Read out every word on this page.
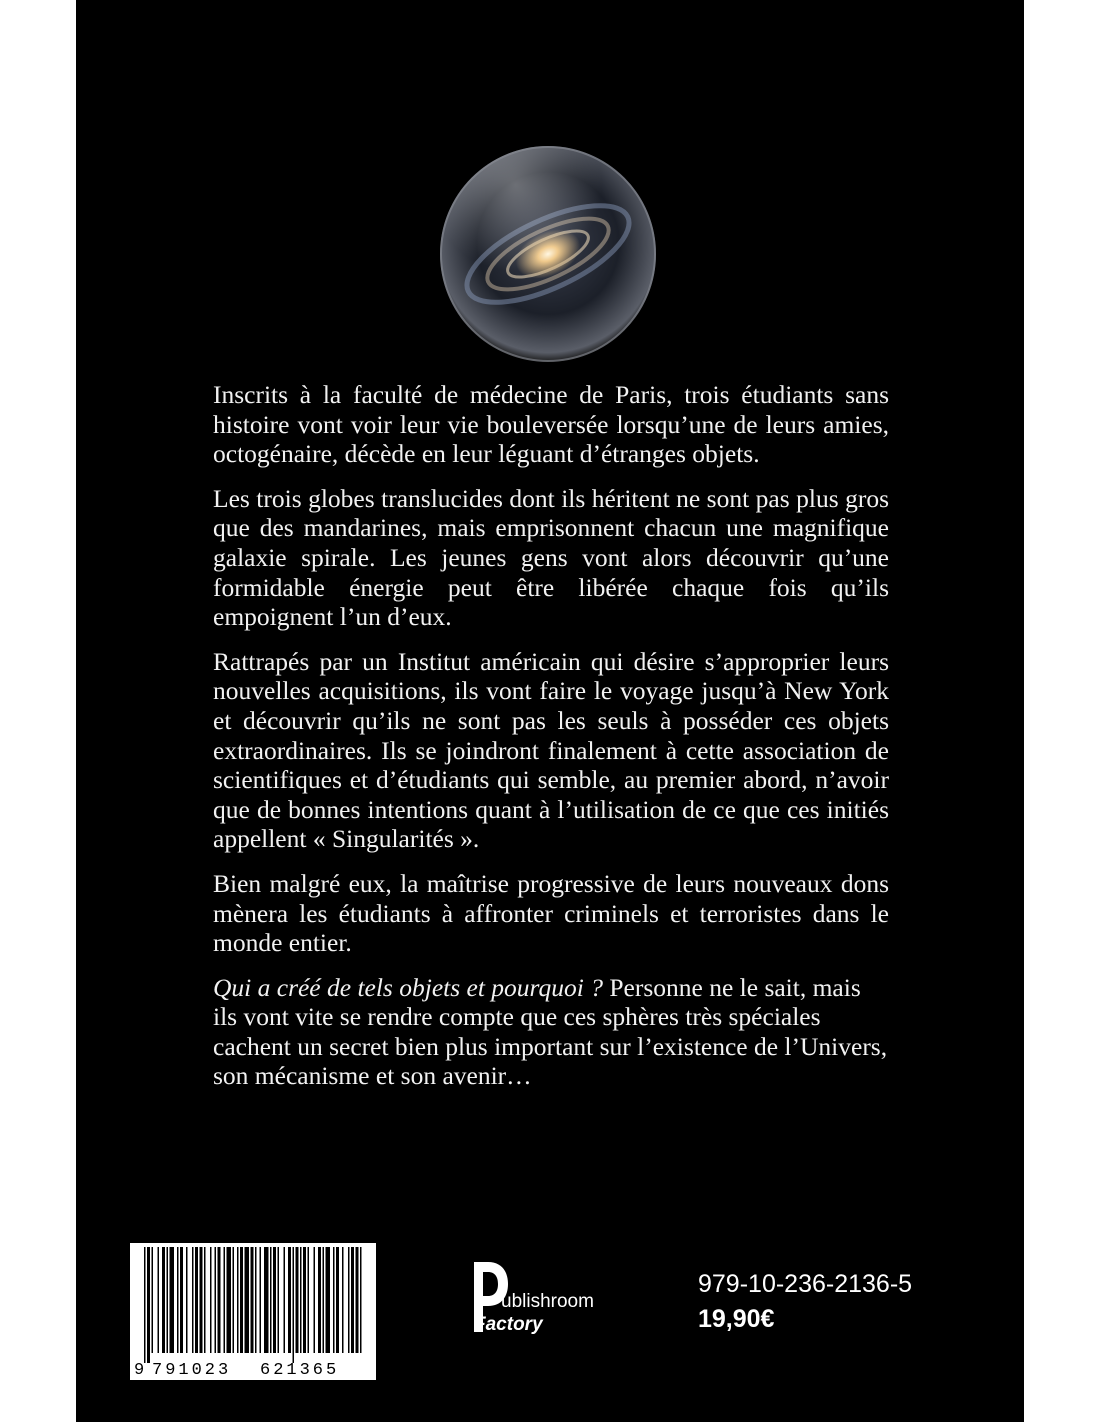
Inscrits à la faculté de médecine de Paris, trois étudiants sans histoire vont voir leur vie bouleversée lorsqu’une de leurs amies, octogénaire, décède en leur léguant d’étranges objets.

Les trois globes translucides dont ils héritent ne sont pas plus gros que des mandarines, mais emprisonnent chacun une magnifique galaxie spirale. Les jeunes gens vont alors découvrir qu’une formidable énergie peut être libérée chaque fois qu’ils empoignent l’un d’eux.

Rattrapés par un Institut américain qui désire s’approprier leurs nouvelles acquisitions, ils vont faire le voyage jusqu’à New York et découvrir qu’ils ne sont pas les seuls à posséder ces objets extraordinaires. Ils se joindront finalement à cette association de scientifiques et d’étudiants qui semble, au premier abord, n’avoir que de bonnes intentions quant à l’utilisation de ce que ces initiés appellent « Singularités ».

Bien malgré eux, la maîtrise progressive de leurs nouveaux dons mènera les étudiants à affronter criminels et terroristes dans le monde entier.

Qui a créé de tels objets et pourquoi ? Personne ne le sait, mais ils vont vite se rendre compte que ces sphères très spéciales cachent un secret bien plus important sur l’existence de l’Univers, son mécanisme et son avenir…

9 791023 621365
ublishroom
Factory
979-10-236-2136-5
19,90€
